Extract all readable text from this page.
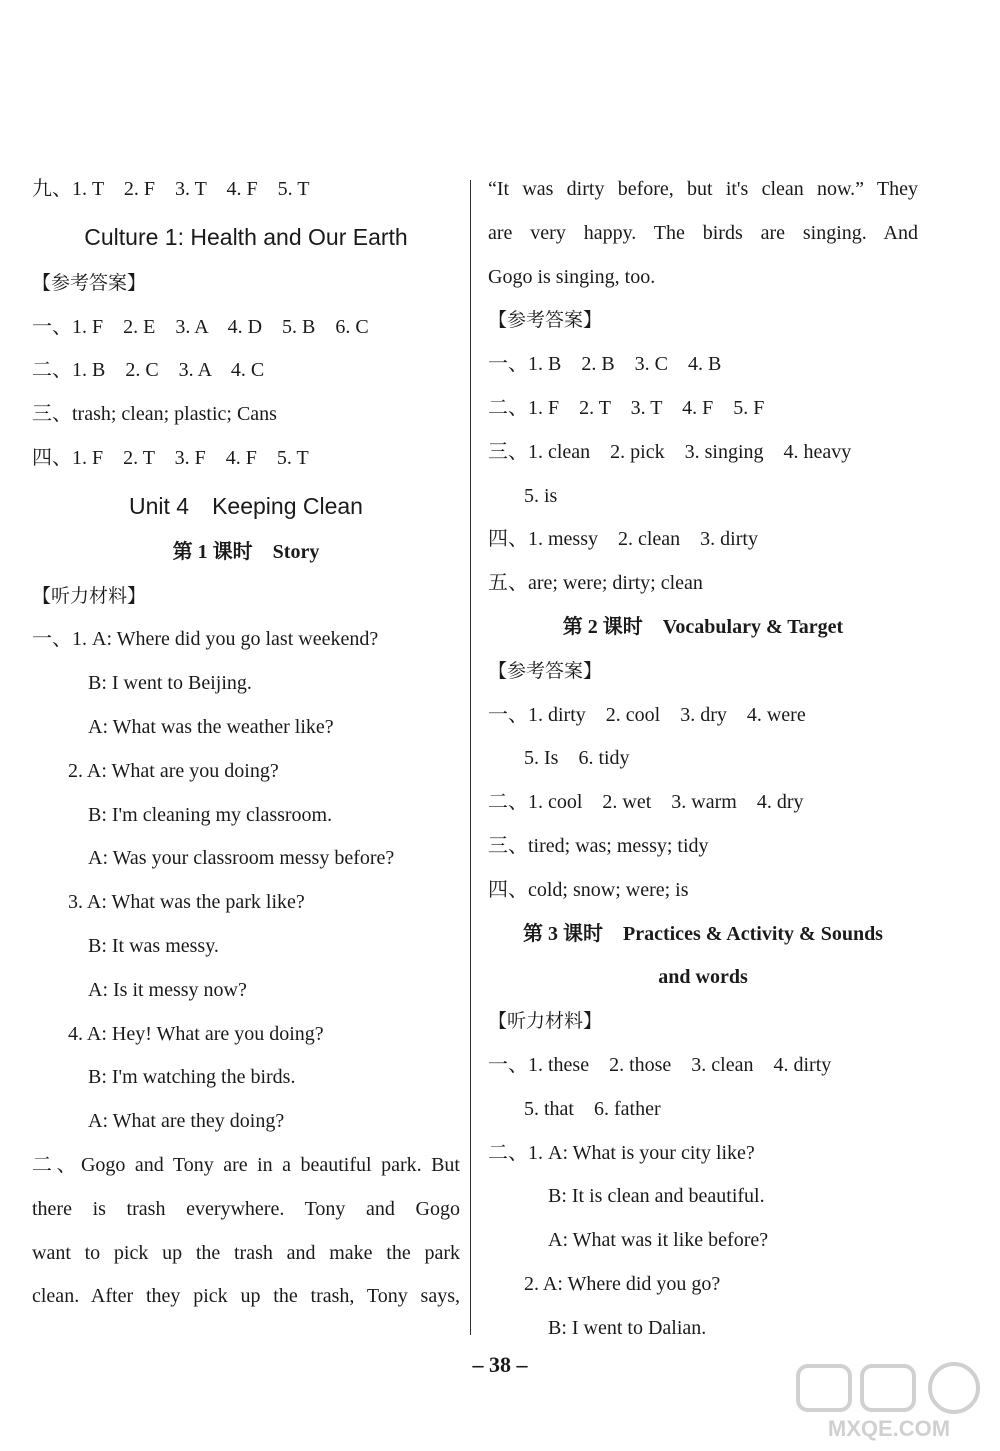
九、1. T　2. F　3. T　4. F　5. T
Culture 1: Health and Our Earth
【参考答案】
一、1. F　2. E　3. A　4. D　5. B　6. C
二、1. B　2. C　3. A　4. C
三、trash; clean; plastic; Cans
四、1. F　2. T　3. F　4. F　5. T
Unit 4　Keeping Clean
第 1 课时　Story
【听力材料】
一、1. A: Where did you go last weekend?
B: I went to Beijing.
A: What was the weather like?
2. A: What are you doing?
B: I'm cleaning my classroom.
A: Was your classroom messy before?
3. A: What was the park like?
B: It was messy.
A: Is it messy now?
4. A: Hey! What are you doing?
B: I'm watching the birds.
A: What are they doing?
二、Gogo and Tony are in a beautiful park. But
there is trash everywhere. Tony and Gogo
want to pick up the trash and make the park
clean. After they pick up the trash, Tony says,
“It was dirty before, but it's clean now.” They
are very happy. The birds are singing. And
Gogo is singing, too.
【参考答案】
一、1. B　2. B　3. C　4. B
二、1. F　2. T　3. T　4. F　5. F
三、1. clean　2. pick　3. singing　4. heavy
5. is
四、1. messy　2. clean　3. dirty
五、are; were; dirty; clean
第 2 课时　Vocabulary & Target
【参考答案】
一、1. dirty　2. cool　3. dry　4. were
5. Is　6. tidy
二、1. cool　2. wet　3. warm　4. dry
三、tired; was; messy; tidy
四、cold; snow; were; is
第 3 课时　Practices & Activity & Sounds
and words
【听力材料】
一、1. these　2. those　3. clean　4. dirty
5. that　6. father
二、1. A: What is your city like?
B: It is clean and beautiful.
A: What was it like before?
2. A: Where did you go?
B: I went to Dalian.
– 38 –
MXQE.COM
